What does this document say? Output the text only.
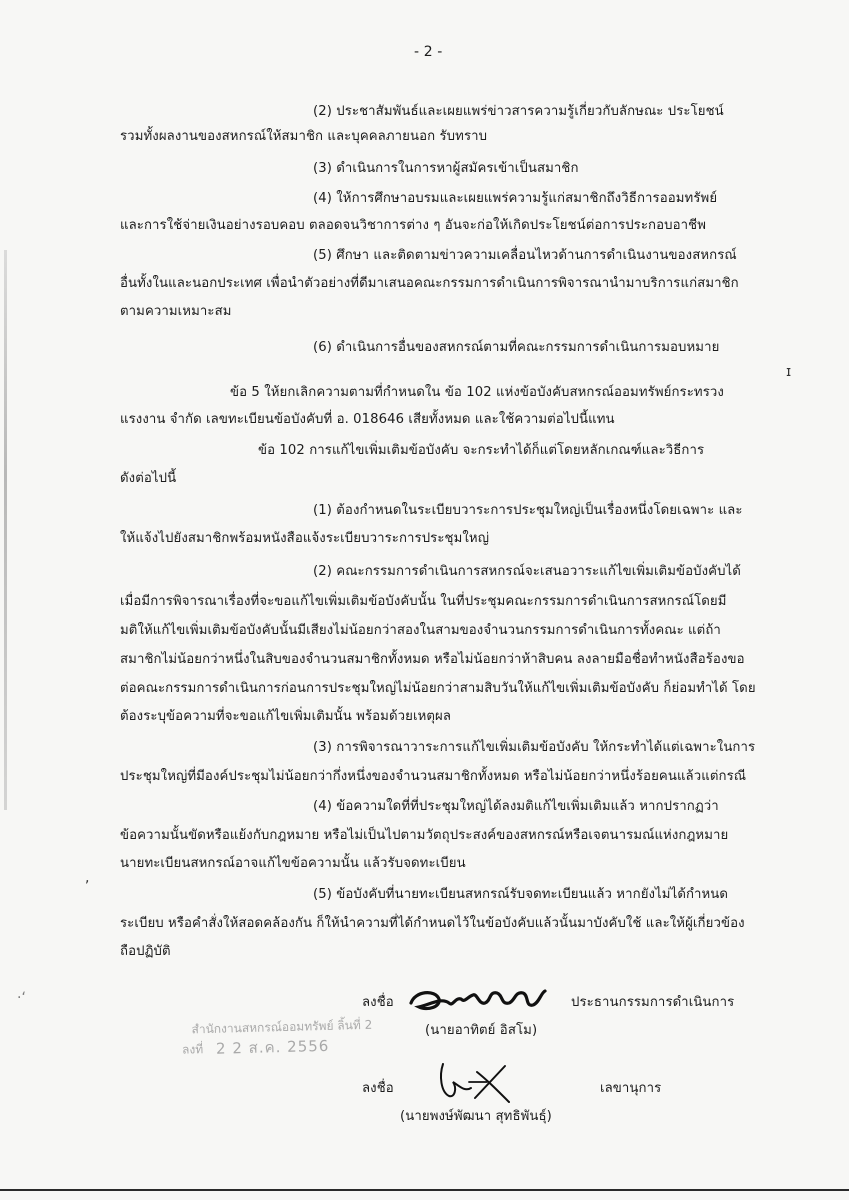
- 2 -
(2) ประชาสัมพันธ์และเผยแพร่ข่าวสารความรู้เกี่ยวกับลักษณะ ประโยชน์
รวมทั้งผลงานของสหกรณ์ให้สมาชิก และบุคคลภายนอก รับทราบ
(3) ดำเนินการในการหาผู้สมัครเข้าเป็นสมาชิก
(4) ให้การศึกษาอบรมและเผยแพร่ความรู้แก่สมาชิกถึงวิธีการออมทรัพย์
และการใช้จ่ายเงินอย่างรอบคอบ ตลอดจนวิชาการต่าง ๆ อันจะก่อให้เกิดประโยชน์ต่อการประกอบอาชีพ
(5) ศึกษา และติดตามข่าวความเคลื่อนไหวด้านการดำเนินงานของสหกรณ์
อื่นทั้งในและนอกประเทศ เพื่อนำตัวอย่างที่ดีมาเสนอคณะกรรมการดำเนินการพิจารณานำมาบริการแก่สมาชิก
ตามความเหมาะสม
(6) ดำเนินการอื่นของสหกรณ์ตามที่คณะกรรมการดำเนินการมอบหมาย
ข้อ 5 ให้ยกเลิกความตามที่กำหนดใน ข้อ 102 แห่งข้อบังคับสหกรณ์ออมทรัพย์กระทรวง
แรงงาน จำกัด เลขทะเบียนข้อบังคับที่ อ. 018646 เสียทั้งหมด และใช้ความต่อไปนี้แทน
ข้อ 102 การแก้ไขเพิ่มเติมข้อบังคับ จะกระทำได้ก็แต่โดยหลักเกณฑ์และวิธีการ
ดังต่อไปนี้
(1) ต้องกำหนดในระเบียบวาระการประชุมใหญ่เป็นเรื่องหนึ่งโดยเฉพาะ และ
ให้แจ้งไปยังสมาชิกพร้อมหนังสือแจ้งระเบียบวาระการประชุมใหญ่
(2) คณะกรรมการดำเนินการสหกรณ์จะเสนอวาระแก้ไขเพิ่มเติมข้อบังคับได้
เมื่อมีการพิจารณาเรื่องที่จะขอแก้ไขเพิ่มเติมข้อบังคับนั้น ในที่ประชุมคณะกรรมการดำเนินการสหกรณ์โดยมี
มติให้แก้ไขเพิ่มเติมข้อบังคับนั้นมีเสียงไม่น้อยกว่าสองในสามของจำนวนกรรมการดำเนินการทั้งคณะ แต่ถ้า
สมาชิกไม่น้อยกว่าหนึ่งในสิบของจำนวนสมาชิกทั้งหมด หรือไม่น้อยกว่าห้าสิบคน ลงลายมือชื่อทำหนังสือร้องขอ
ต่อคณะกรรมการดำเนินการก่อนการประชุมใหญ่ไม่น้อยกว่าสามสิบวันให้แก้ไขเพิ่มเติมข้อบังคับ ก็ย่อมทำได้ โดย
ต้องระบุข้อความที่จะขอแก้ไขเพิ่มเติมนั้น พร้อมด้วยเหตุผล
(3) การพิจารณาวาระการแก้ไขเพิ่มเติมข้อบังคับ ให้กระทำได้แต่เฉพาะในการ
ประชุมใหญ่ที่มีองค์ประชุมไม่น้อยกว่ากึ่งหนึ่งของจำนวนสมาชิกทั้งหมด หรือไม่น้อยกว่าหนึ่งร้อยคนแล้วแต่กรณี
(4) ข้อความใดที่ที่ประชุมใหญ่ได้ลงมติแก้ไขเพิ่มเติมแล้ว หากปรากฏว่า
ข้อความนั้นขัดหรือแย้งกับกฎหมาย หรือไม่เป็นไปตามวัตถุประสงค์ของสหกรณ์หรือเจตนารมณ์แห่งกฎหมาย
นายทะเบียนสหกรณ์อาจแก้ไขข้อความนั้น แล้วรับจดทะเบียน
(5) ข้อบังคับที่นายทะเบียนสหกรณ์รับจดทะเบียนแล้ว หากยังไม่ได้กำหนด
ระเบียบ หรือคำสั่งให้สอดคล้องกัน ก็ให้นำความที่ได้กำหนดไว้ในข้อบังคับแล้วนั้นมาบังคับใช้ และให้ผู้เกี่ยวข้อง
ถือปฏิบัติ
ลงชื่อ	ประธานกรรมการดำเนินการ
(นายอาทิตย์ อิสโม)
สำนักงานสหกรณ์ออมทรัพย์ ลิ้นที่ 2
ลงที่ 2 2 ส.ค. 2556
ลงชื่อ	เลขานุการ
(นายพงษ์พัฒนา สุทธิพันธุ์)
ɪ
,
·‘
